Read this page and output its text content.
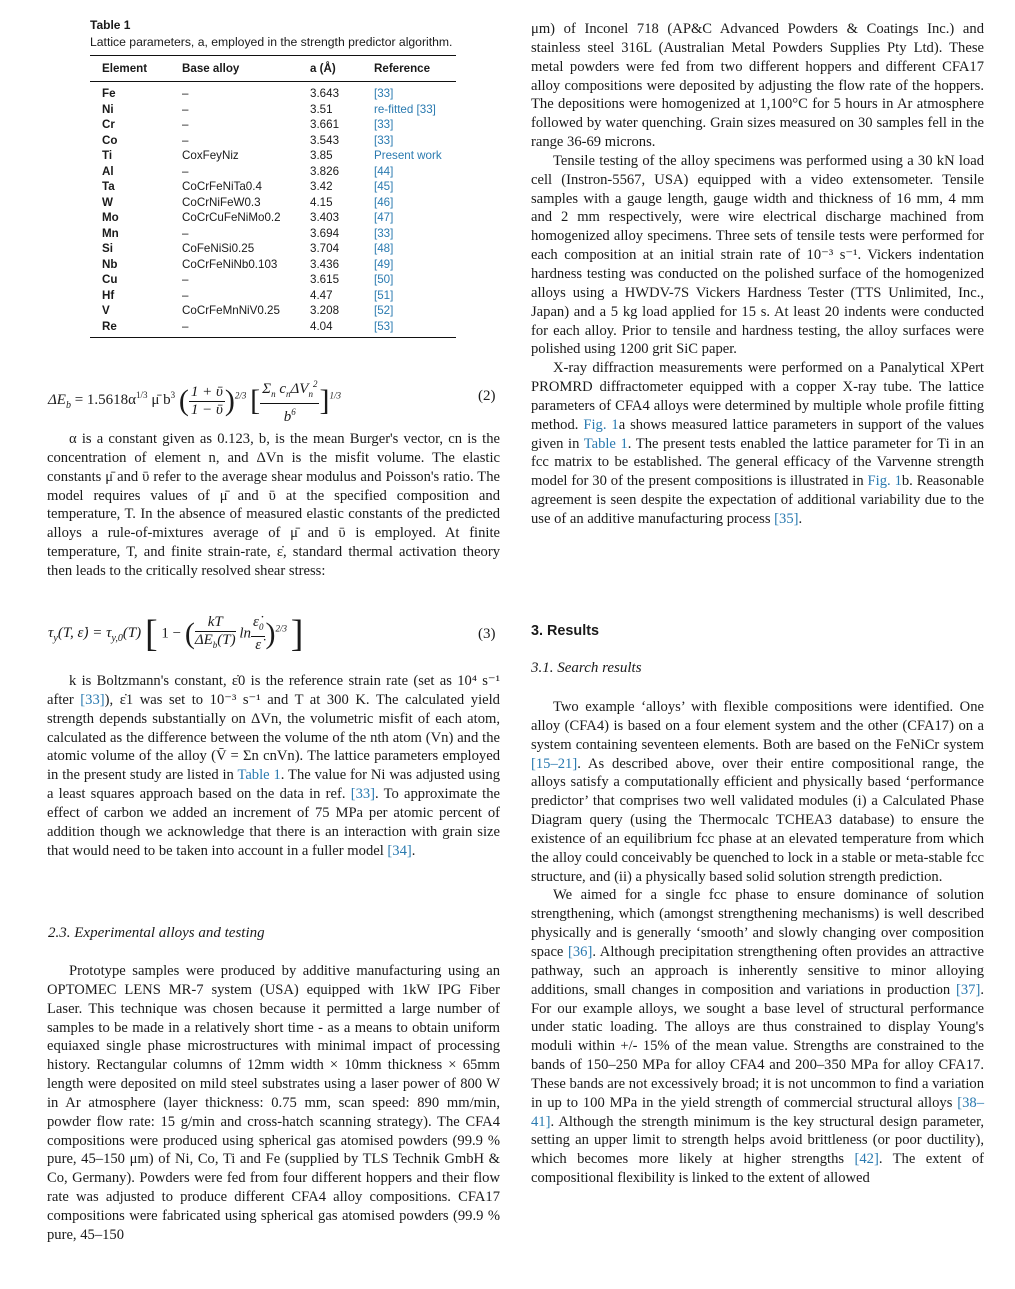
Table 1
Lattice parameters, a, employed in the strength predictor algorithm.
Element	Base alloy	a (Å)	Reference
Fe	–	3.643	[33]
Ni	–	3.51	re-fitted [33]
Cr	–	3.661	[33]
Co	–	3.543	[33]
Ti	CoxFeyNiz	3.85	Present work
Al	–	3.826	[44]
Ta	CoCrFeNiTa0.4	3.42	[45]
W	CoCrNiFeW0.3	4.15	[46]
Mo	CoCrCuFeNiMo0.2	3.403	[47]
Mn	–	3.694	[33]
Si	CoFeNiSi0.25	3.704	[48]
Nb	CoCrFeNiNb0.103	3.436	[49]
Cu	–	3.615	[50]
Hf	–	4.47	[51]
V	CoCrFeMnNiV0.25	3.208	[52]
Re	–	4.04	[53]
$\Delta E_b = 1.5618\alpha^{1/3}$ μ̄ $b^3$ ( $\frac{\text{1 + ῡ}}{\text{1 − ῡ}} )^{2/3}$ [ $\frac{\Sigma_n c_n\Delta V_n^2}{b^6} ]^{1/3}$	(2)

α is a constant given as 0.123, b, is the mean Burger's vector, cn is the concentration of element n, and ΔVn is the misfit volume. The elastic constants μ̄ and ῡ refer to the average shear modulus and Poisson's ratio. The model requires values of μ̄ and ῡ at the specified composition and temperature, T. In the absence of measured elastic constants of the predicted alloys a rule-of-mixtures average of μ̄ and ῡ is employed. At finite temperature, T, and finite strain-rate, ε̇, standard thermal activation theory then leads to the critically resolved shear stress:

$\tau_y(T$, ε̇) = $\tau_{y,0}(T)$ [ 1 − ( $\frac{kT}{\Delta E_b(T)}$ $\ln \frac{\varepsiloṅ_0}{\varepsiloṅ} )^{2/3}$ ]	(3)

k is Boltzmann's constant, ε̇0 is the reference strain rate (set as 10⁴ s⁻¹ after [33]), ε̇1 was set to 10⁻³ s⁻¹ and T at 300 K. The calculated yield strength depends substantially on ΔVn, the volumetric misfit of each atom, calculated as the difference between the volume of the nth atom (Vn) and the atomic volume of the alloy (V̄ = Σn cnVn). The lattice parameters employed in the present study are listed in Table 1. The value for Ni was adjusted using a least squares approach based on the data in ref. [33]. To approximate the effect of carbon we added an increment of 75 MPa per atomic percent of addition though we acknowledge that there is an interaction with grain size that would need to be taken into account in a fuller model [34].

2.3. Experimental alloys and testing

Prototype samples were produced by additive manufacturing using an OPTOMEC LENS MR-7 system (USA) equipped with 1kW IPG Fiber Laser. This technique was chosen because it permitted a large number of samples to be made in a relatively short time - as a means to obtain uniform equiaxed single phase microstructures with minimal impact of processing history. Rectangular columns of 12mm width × 10mm thickness × 65mm length were deposited on mild steel substrates using a laser power of 800 W in Ar atmosphere (layer thickness: 0.75 mm, scan speed: 890 mm/min, powder flow rate: 15 g/min and cross-hatch scanning strategy). The CFA4 compositions were produced using spherical gas atomised powders (99.9 % pure, 45–150 μm) of Ni, Co, Ti and Fe (supplied by TLS Technik GmbH & Co, Germany). Powders were fed from four different hoppers and their flow rate was adjusted to produce different CFA4 alloy compositions. CFA17 compositions were fabricated using spherical gas atomised powders (99.9 % pure, 45–150

μm) of Inconel 718 (AP&C Advanced Powders & Coatings Inc.) and stainless steel 316L (Australian Metal Powders Supplies Pty Ltd). These metal powders were fed from two different hoppers and different CFA17 alloy compositions were deposited by adjusting the flow rate of the hoppers. The depositions were homogenized at 1,100°C for 5 hours in Ar atmosphere followed by water quenching. Grain sizes measured on 30 samples fell in the range 36-69 microns.

Tensile testing of the alloy specimens was performed using a 30 kN load cell (Instron-5567, USA) equipped with a video extensometer. Tensile samples with a gauge length, gauge width and thickness of 16 mm, 4 mm and 2 mm respectively, were wire electrical discharge machined from homogenized alloy specimens. Three sets of tensile tests were performed for each composition at an initial strain rate of 10⁻³ s⁻¹. Vickers indentation hardness testing was conducted on the polished surface of the homogenized alloys using a HWDV-7S Vickers Hardness Tester (TTS Unlimited, Inc., Japan) and a 5 kg load applied for 15 s. At least 20 indents were conducted for each alloy. Prior to tensile and hardness testing, the alloy surfaces were polished using 1200 grit SiC paper.

X-ray diffraction measurements were performed on a Panalytical XPert PROMRD diffractometer equipped with a copper X-ray tube. The lattice parameters of CFA4 alloys were determined by multiple whole profile fitting method. Fig. 1a shows measured lattice parameters in support of the values given in Table 1. The present tests enabled the lattice parameter for Ti in an fcc matrix to be established. The general efficacy of the Varvenne strength model for 30 of the present compositions is illustrated in Fig. 1b. Reasonable agreement is seen despite the expectation of additional variability due to the use of an additive manufacturing process [35].

3. Results
3.1. Search results

Two example ‘alloys’ with flexible compositions were identified. One alloy (CFA4) is based on a four element system and the other (CFA17) on a system containing seventeen elements. Both are based on the FeNiCr system [15–21]. As described above, over their entire compositional range, the alloys satisfy a computationally efficient and physically based ‘performance predictor’ that comprises two well validated modules (i) a Calculated Phase Diagram query (using the Thermocalc TCHEA3 database) to ensure the existence of an equilibrium fcc phase at an elevated temperature from which the alloy could conceivably be quenched to lock in a stable or meta-stable fcc structure, and (ii) a physically based solid solution strength prediction.

We aimed for a single fcc phase to ensure dominance of solution strengthening, which (amongst strengthening mechanisms) is well described physically and is generally ‘smooth’ and slowly changing over composition space [36]. Although precipitation strengthening often provides an attractive pathway, such an approach is inherently sensitive to minor alloying additions, small changes in composition and variations in production [37]. For our example alloys, we sought a base level of structural performance under static loading. The alloys are thus constrained to display Young's moduli within +/- 15% of the mean value. Strengths are constrained to the bands of 150–250 MPa for alloy CFA4 and 200–350 MPa for alloy CFA17. These bands are not excessively broad; it is not uncommon to find a variation in up to 100 MPa in the yield strength of commercial structural alloys [38–41]. Although the strength minimum is the key structural design parameter, setting an upper limit to strength helps avoid brittleness (or poor ductility), which becomes more likely at higher strengths [42]. The extent of compositional flexibility is linked to the extent of allowed
